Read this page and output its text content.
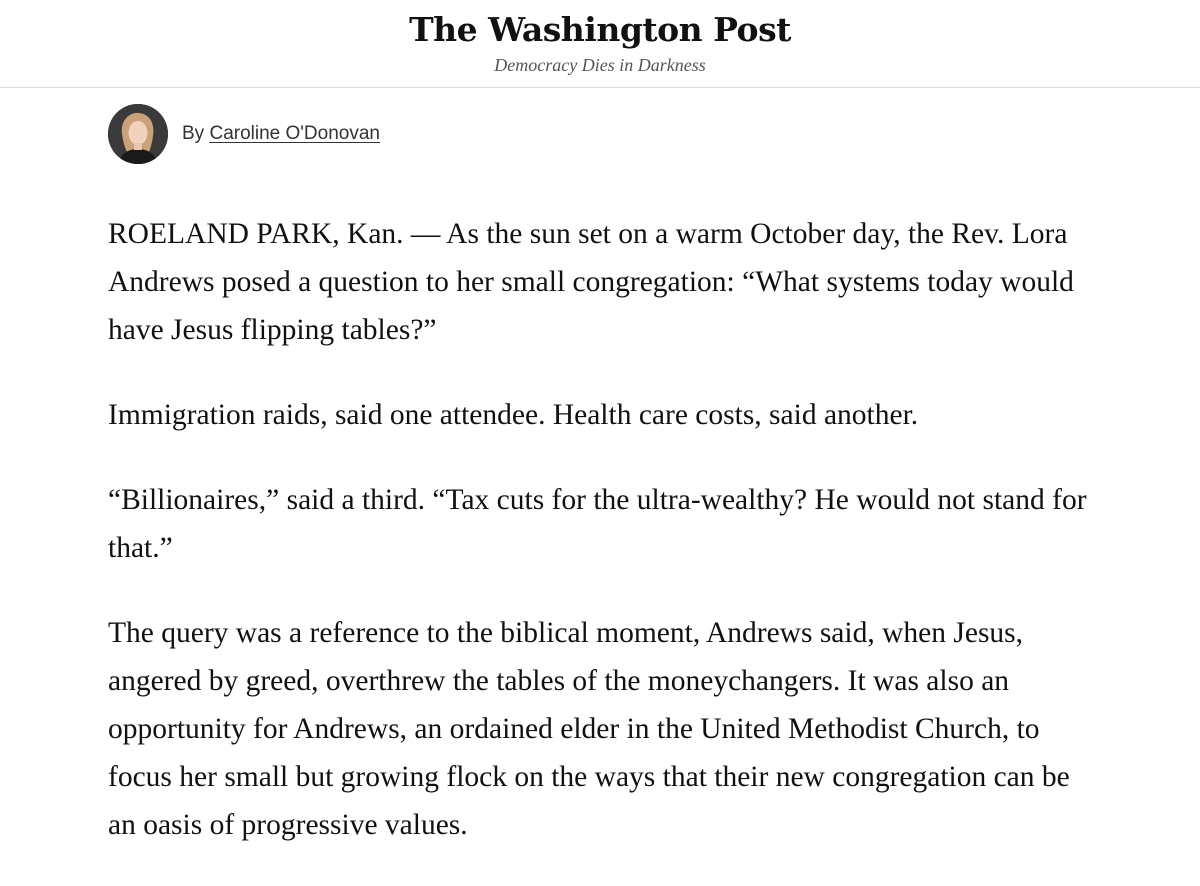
The Washington Post
Democracy Dies in Darkness
By Caroline O'Donovan

ROELAND PARK, Kan. — As the sun set on a warm October day, the Rev. Lora Andrews posed a question to her small congregation: “What systems today would have Jesus flipping tables?”

Immigration raids, said one attendee. Health care costs, said another.

“Billionaires,” said a third. “Tax cuts for the ultra-wealthy? He would not stand for that.”

The query was a reference to the biblical moment, Andrews said, when Jesus, angered by greed, overthrew the tables of the moneychangers. It was also an opportunity for Andrews, an ordained elder in the United Methodist Church, to focus her small but growing flock on the ways that their new congregation can be an oasis of progressive values.
